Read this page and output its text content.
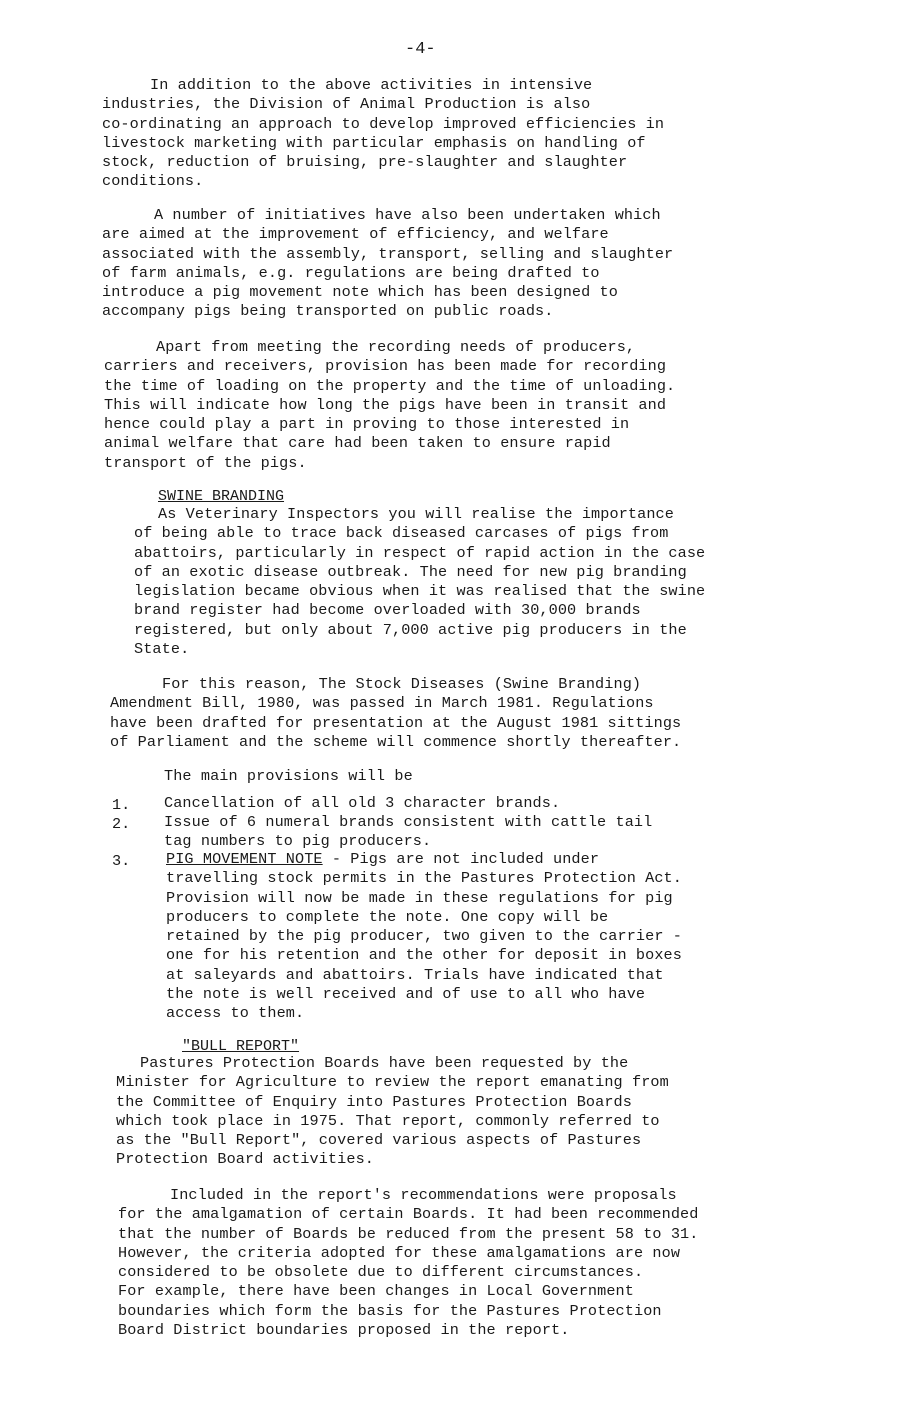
-4-
In addition to the above activities in intensive
industries, the Division of Animal Production is also
co-ordinating an approach to develop improved efficiencies in
livestock marketing with particular emphasis on handling of
stock, reduction of bruising, pre-slaughter and slaughter
conditions.
A number of initiatives have also been undertaken which
are aimed at the improvement of efficiency, and welfare
associated with the assembly, transport, selling and slaughter
of farm animals, e.g. regulations are being drafted to
introduce a pig movement note which has been designed to
accompany pigs being transported on public roads.
Apart from meeting the recording needs of producers,
carriers and receivers, provision has been made for recording
the time of loading on the property and the time of unloading.
This will indicate how long the pigs have been in transit and
hence could play a part in proving to those interested in
animal welfare that care had been taken to ensure rapid
transport of the pigs.
SWINE BRANDING
As Veterinary Inspectors you will realise the importance
of being able to trace back diseased carcases of pigs from
abattoirs, particularly in respect of rapid action in the case
of an exotic disease outbreak. The need for new pig branding
legislation became obvious when it was realised that the swine
brand register had become overloaded with 30,000 brands
registered, but only about 7,000 active pig producers in the
State.
For this reason, The Stock Diseases (Swine Branding)
Amendment Bill, 1980, was passed in March 1981. Regulations
have been drafted for presentation at the August 1981 sittings
of Parliament and the scheme will commence shortly thereafter.
The main provisions will be
1. Cancellation of all old 3 character brands.
2. Issue of 6 numeral brands consistent with cattle tail
tag numbers to pig producers.
3. PIG MOVEMENT NOTE - Pigs are not included under
travelling stock permits in the Pastures Protection Act.
Provision will now be made in these regulations for pig
producers to complete the note. One copy will be
retained by the pig producer, two given to the carrier -
one for his retention and the other for deposit in boxes
at saleyards and abattoirs. Trials have indicated that
the note is well received and of use to all who have
access to them.
"BULL REPORT"
Pastures Protection Boards have been requested by the
Minister for Agriculture to review the report emanating from
the Committee of Enquiry into Pastures Protection Boards
which took place in 1975. That report, commonly referred to
as the "Bull Report", covered various aspects of Pastures
Protection Board activities.
Included in the report's recommendations were proposals
for the amalgamation of certain Boards. It had been recommended
that the number of Boards be reduced from the present 58 to 31.
However, the criteria adopted for these amalgamations are now
considered to be obsolete due to different circumstances.
For example, there have been changes in Local Government
boundaries which form the basis for the Pastures Protection
Board District boundaries proposed in the report.
